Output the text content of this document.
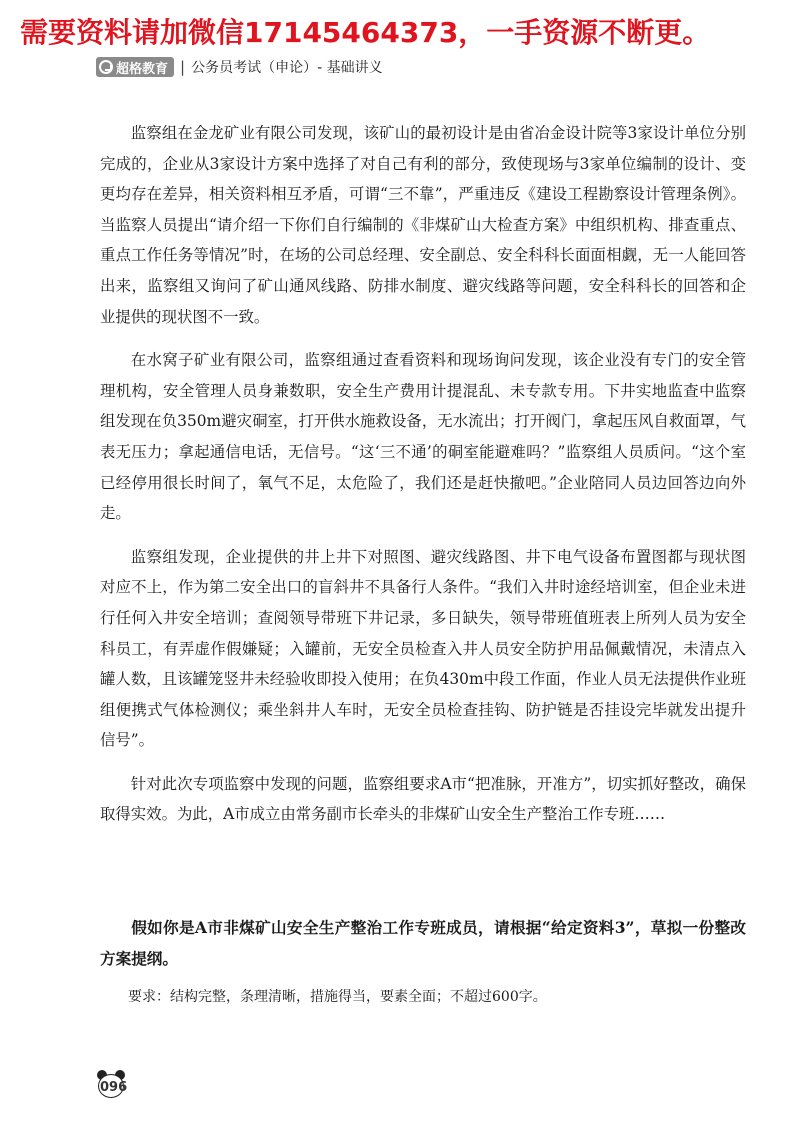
需要资料请加微信17145464373，一手资源不断更。
超格教育 | 公务员考试（申论）- 基础讲义

监察组在金龙矿业有限公司发现，该矿山的最初设计是由省冶金设计院等3家设计单位分别完成的，企业从3家设计方案中选择了对自己有利的部分，致使现场与3家单位编制的设计、变更均存在差异，相关资料相互矛盾，可谓“三不靠”，严重违反《建设工程勘察设计管理条例》。当监察人员提出“请介绍一下你们自行编制的《非煤矿山大检查方案》中组织机构、排查重点、重点工作任务等情况”时，在场的公司总经理、安全副总、安全科科长面面相觑，无一人能回答出来，监察组又询问了矿山通风线路、防排水制度、避灾线路等问题，安全科科长的回答和企业提供的现状图不一致。

在水窝子矿业有限公司，监察组通过查看资料和现场询问发现，该企业没有专门的安全管理机构，安全管理人员身兼数职，安全生产费用计提混乱、未专款专用。下井实地监查中监察组发现在负350m避灾硐室，打开供水施救设备，无水流出；打开阀门，拿起压风自救面罩，气表无压力；拿起通信电话，无信号。“这‘三不通’的硐室能避难吗？”监察组人员质问。“这个室已经停用很长时间了，氧气不足，太危险了，我们还是赶快撤吧。”企业陪同人员边回答边向外走。

监察组发现，企业提供的井上井下对照图、避灾线路图、井下电气设备布置图都与现状图对应不上，作为第二安全出口的盲斜井不具备行人条件。“我们入井时途经培训室，但企业未进行任何入井安全培训；查阅领导带班下井记录，多日缺失，领导带班值班表上所列人员为安全科员工，有弄虚作假嫌疑；入罐前，无安全员检查入井人员安全防护用品佩戴情况，未清点入罐人数，且该罐笼竖井未经验收即投入使用；在负430m中段工作面，作业人员无法提供作业班组便携式气体检测仪；乘坐斜井人车时，无安全员检查挂钩、防护链是否挂设完毕就发出提升信号”。

针对此次专项监察中发现的问题，监察组要求A市“把准脉，开准方”，切实抓好整改，确保取得实效。为此，A市成立由常务副市长牵头的非煤矿山安全生产整治工作专班……

假如你是A市非煤矿山安全生产整治工作专班成员，请根据“给定资料3”，草拟一份整改方案提纲。
要求：结构完整，条理清晰，措施得当，要素全面；不超过600字。
096
